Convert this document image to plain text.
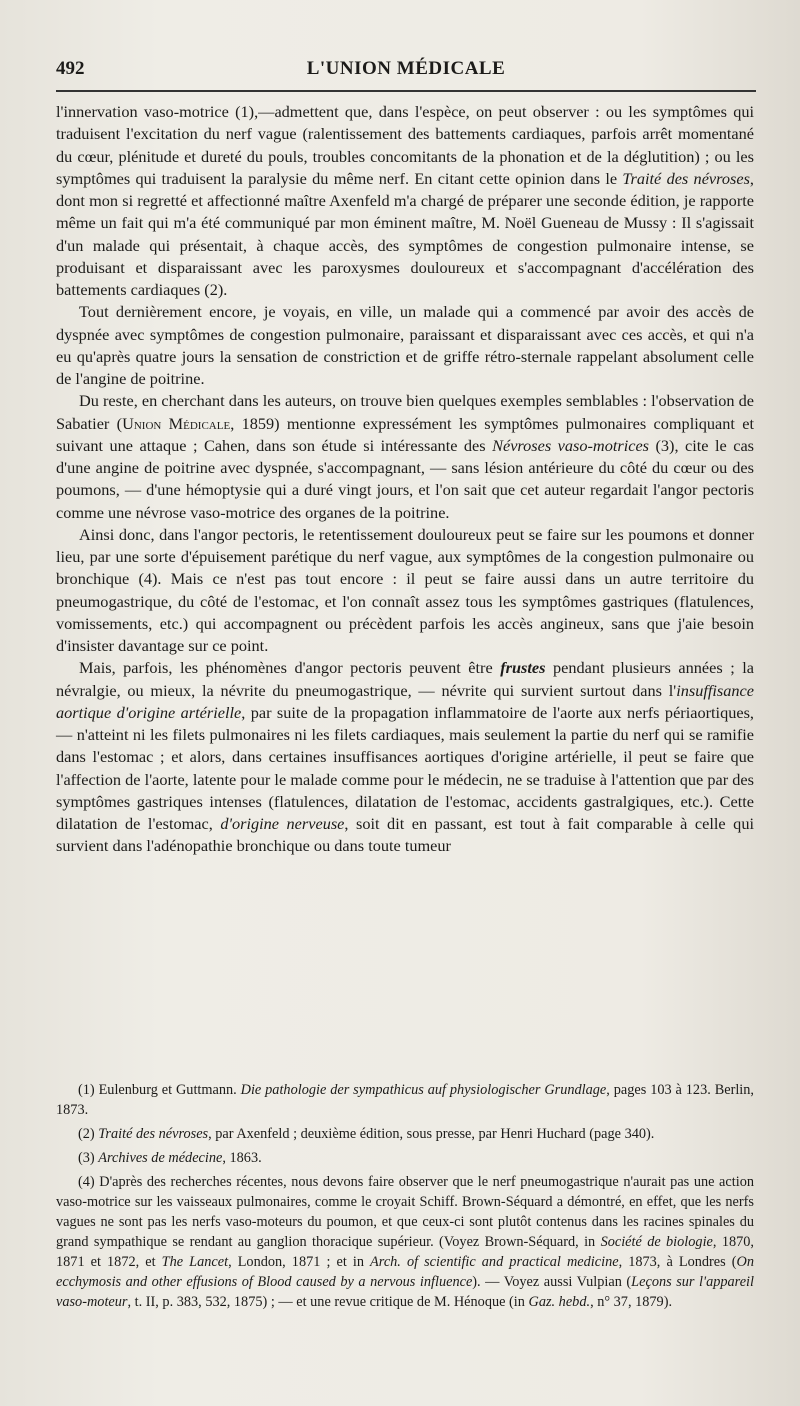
492	L'UNION MÉDICALE

l'innervation vaso-motrice (1),—admettent que, dans l'espèce, on peut observer : ou les symptômes qui traduisent l'excitation du nerf vague (ralentissement des battements cardiaques, parfois arrêt momentané du cœur, plénitude et dureté du pouls, troubles concomitants de la phonation et de la déglutition) ; ou les symptômes qui traduisent la paralysie du même nerf. En citant cette opinion dans le Traité des névroses, dont mon si regretté et affectionné maître Axenfeld m'a chargé de préparer une seconde édition, je rapporte même un fait qui m'a été communiqué par mon éminent maître, M. Noël Gueneau de Mussy : Il s'agissait d'un malade qui présentait, à chaque accès, des symptômes de congestion pulmonaire intense, se produisant et disparaissant avec les paroxysmes douloureux et s'accompagnant d'accélération des battements cardiaques (2).

Tout dernièrement encore, je voyais, en ville, un malade qui a commencé par avoir des accès de dyspnée avec symptômes de congestion pulmonaire, paraissant et disparaissant avec ces accès, et qui n'a eu qu'après quatre jours la sensation de constriction et de griffe rétro-sternale rappelant absolument celle de l'angine de poitrine.

Du reste, en cherchant dans les auteurs, on trouve bien quelques exemples semblables : l'observation de Sabatier (Union Médicale, 1859) mentionne expressément les symptômes pulmonaires compliquant et suivant une attaque ; Cahen, dans son étude si intéressante des Névroses vaso-motrices (3), cite le cas d'une angine de poitrine avec dyspnée, s'accompagnant, — sans lésion antérieure du côté du cœur ou des poumons, — d'une hémoptysie qui a duré vingt jours, et l'on sait que cet auteur regardait l'angor pectoris comme une névrose vaso-motrice des organes de la poitrine.

Ainsi donc, dans l'angor pectoris, le retentissement douloureux peut se faire sur les poumons et donner lieu, par une sorte d'épuisement parétique du nerf vague, aux symptômes de la congestion pulmonaire ou bronchique (4). Mais ce n'est pas tout encore : il peut se faire aussi dans un autre territoire du pneumogastrique, du côté de l'estomac, et l'on connaît assez tous les symptômes gastriques (flatulences, vomissements, etc.) qui accompagnent ou précèdent parfois les accès angineux, sans que j'aie besoin d'insister davantage sur ce point.

Mais, parfois, les phénomènes d'angor pectoris peuvent être frustes pendant plusieurs années ; la névralgie, ou mieux, la névrite du pneumogastrique, — névrite qui survient surtout dans l'insuffisance aortique d'origine artérielle, par suite de la propagation inflammatoire de l'aorte aux nerfs périaortiques, — n'atteint ni les filets pulmonaires ni les filets cardiaques, mais seulement la partie du nerf qui se ramifie dans l'estomac ; et alors, dans certaines insuffisances aortiques d'origine artérielle, il peut se faire que l'affection de l'aorte, latente pour le malade comme pour le médecin, ne se traduise à l'attention que par des symptômes gastriques intenses (flatulences, dilatation de l'estomac, accidents gastralgiques, etc.). Cette dilatation de l'estomac, d'origine nerveuse, soit dit en passant, est tout à fait comparable à celle qui survient dans l'adénopathie bronchique ou dans toute tumeur

(1) Eulenburg et Guttmann. Die pathologie der sympathicus auf physiologischer Grundlage, pages 103 à 123. Berlin, 1873.

(2) Traité des névroses, par Axenfeld ; deuxième édition, sous presse, par Henri Huchard (page 340).

(3) Archives de médecine, 1863.

(4) D'après des recherches récentes, nous devons faire observer que le nerf pneumogastrique n'aurait pas une action vaso-motrice sur les vaisseaux pulmonaires, comme le croyait Schiff. Brown-Séquard a démontré, en effet, que les nerfs vagues ne sont pas les nerfs vaso-moteurs du poumon, et que ceux-ci sont plutôt contenus dans les racines spinales du grand sympathique se rendant au ganglion thoracique supérieur. (Voyez Brown-Séquard, in Société de biologie, 1870, 1871 et 1872, et The Lancet, London, 1871 ; et in Arch. of scientific and practical medicine, 1873, à Londres (On ecchymosis and other effusions of Blood caused by a nervous influence). — Voyez aussi Vulpian (Leçons sur l'appareil vaso-moteur, t. II, p. 383, 532, 1875) ; — et une revue critique de M. Hénoque (in Gaz. hebd., n° 37, 1879).
